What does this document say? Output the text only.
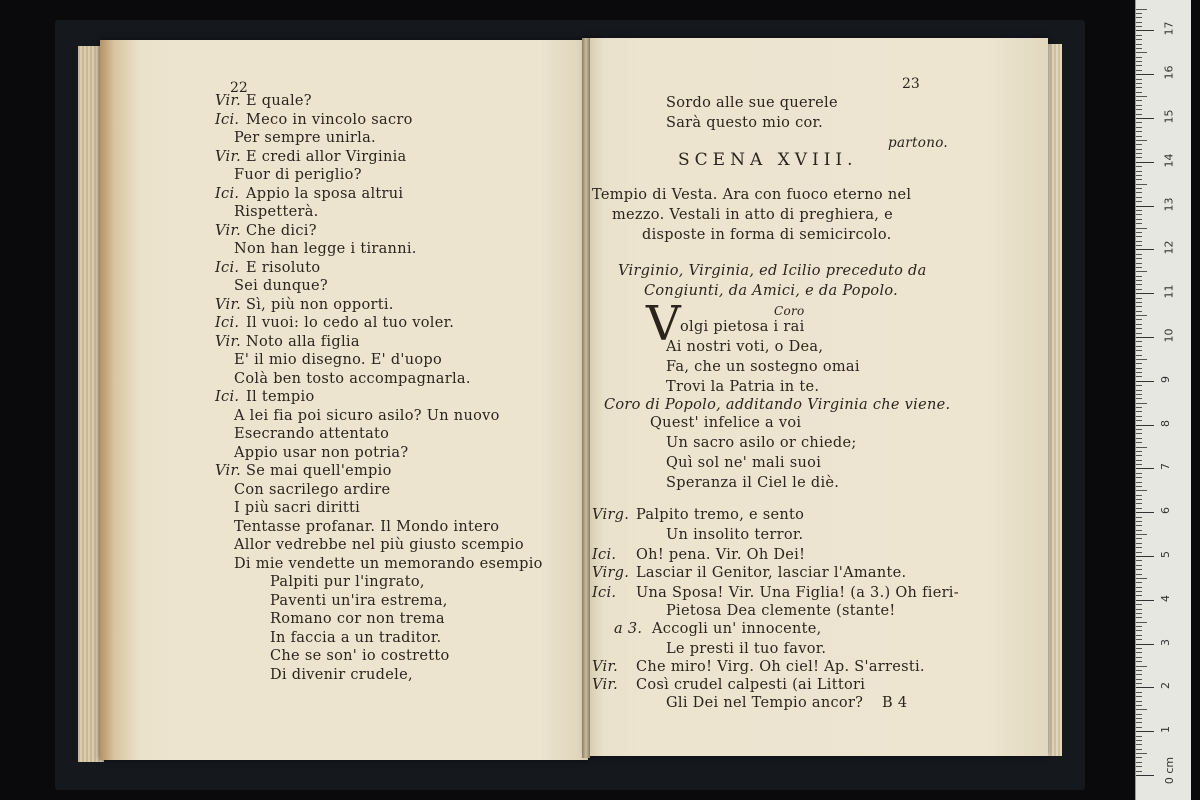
22
Vir. E quale?
Ici. Meco in vincolo sacro
Per sempre unirla.
Vir. E credi allor Virginia
Fuor di periglio?
Ici. Appio la sposa altrui
Rispetterà.
Vir. Che dici?
Non han legge i tiranni.
Ici. E risoluto
Sei dunque?
Vir. Sì, più non opporti.
Ici. Il vuoi: lo cedo al tuo voler.
Vir. Noto alla figlia
E' il mio disegno. E' d'uopo
Colà ben tosto accompagnarla.
Ici. Il tempio
A lei fia poi sicuro asilo? Un nuovo
Esecrando attentato
Appio usar non potria?
Vir. Se mai quell'empio
Con sacrilego ardire
I più sacri diritti
Tentasse profanar. Il Mondo intero
Allor vedrebbe nel più giusto scempio
Di mie vendette un memorando esempio
Palpiti pur l'ingrato,
Paventi un'ira estrema,
Romano cor non trema
In faccia a un traditor.
Che se son' io costretto
Di divenir crudele,
23
Sordo alle sue querele
Sarà questo mio cor.
partono.
SCENA XVIII.
Tempio di Vesta. Ara con fuoco eterno nel
mezzo. Vestali in atto di preghiera, e
disposte in forma di semicircolo.
Virginio, Virginia, ed Icilio preceduto da
Congiunti, da Amici, e da Popolo.
Coro
V olgi pietosa i rai
Ai nostri voti, o Dea,
Fa, che un sostegno omai
Trovi la Patria in te.
Coro di Popolo, additando Virginia che viene.
Quest' infelice a voi
Un sacro asilo or chiede;
Quì sol ne' mali suoi
Speranza il Ciel le diè.
Virg. Palpito tremo, e sento
Un insolito terror.
Ici. Oh! pena. Vir. Oh Dei!
Virg. Lasciar il Genitor, lasciar l'Amante.
Ici. Una Sposa! Vir. Una Figlia! (a 3.) Oh fieri-
Pietosa Dea clemente (stante!
a 3. Accogli un' innocente,
Le presti il tuo favor.
Vir. Che miro! Virg. Oh ciel! Ap. S'arresti.
Vir. Così crudel calpesti (ai Littori
Gli Dei nel Tempio ancor? B 4
1
2
3
4
5
6
7
8
9
10
11
12
13
14
15
16
17
0 cm
